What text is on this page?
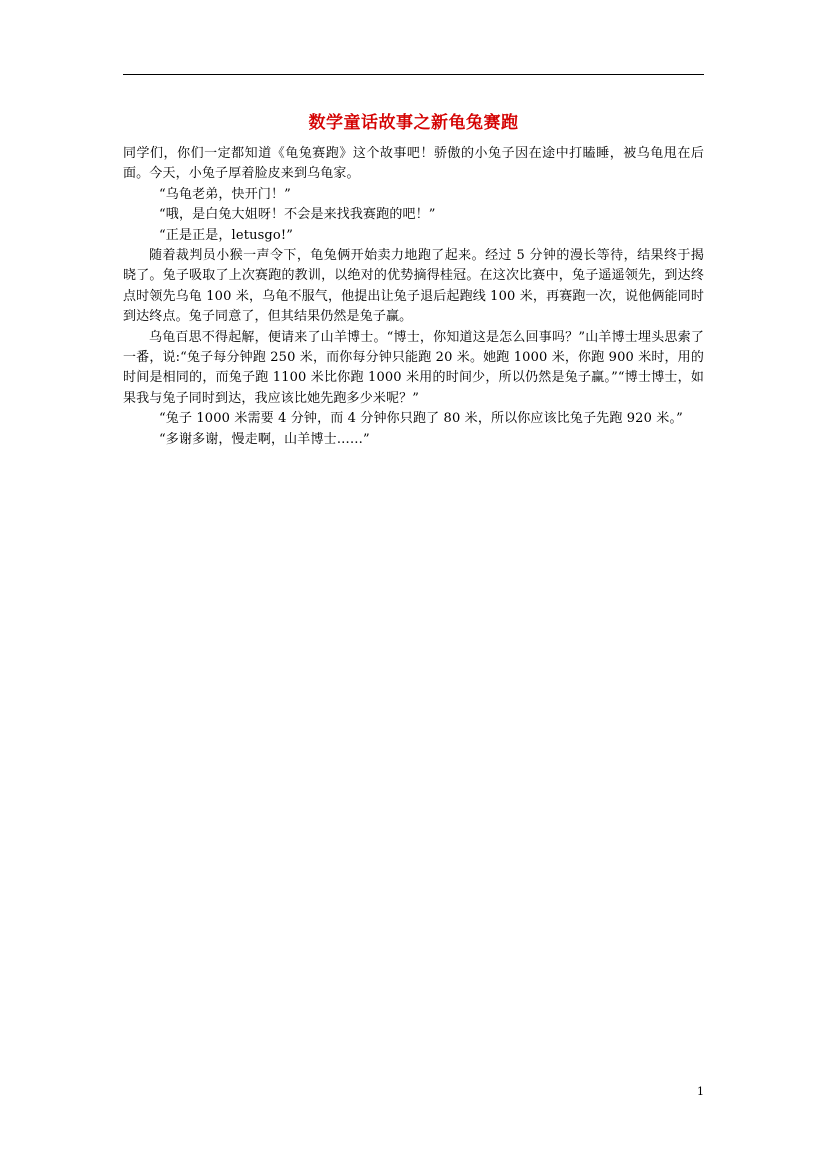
数学童话故事之新龟兔赛跑

同学们，你们一定都知道《龟兔赛跑》这个故事吧！骄傲的小兔子因在途中打瞌睡，被乌龟甩在后面。今天，小兔子厚着脸皮来到乌龟家。

“乌龟老弟，快开门！”

“哦，是白兔大姐呀！不会是来找我赛跑的吧！”

“正是正是，letusgo!”

随着裁判员小猴一声令下，龟兔俩开始卖力地跑了起来。经过 5 分钟的漫长等待，结果终于揭晓了。兔子吸取了上次赛跑的教训，以绝对的优势摘得桂冠。在这次比赛中，兔子遥遥领先，到达终点时领先乌龟 100 米，乌龟不服气，他提出让兔子退后起跑线 100 米，再赛跑一次，说他俩能同时到达终点。兔子同意了，但其结果仍然是兔子赢。

乌龟百思不得起解，便请来了山羊博士。“博士，你知道这是怎么回事吗？”山羊博士埋头思索了一番，说:“兔子每分钟跑 250 米，而你每分钟只能跑 20 米。她跑 1000 米，你跑 900 米时，用的时间是相同的，而兔子跑 1100 米比你跑 1000 米用的时间少，所以仍然是兔子赢。”“博士博士，如果我与兔子同时到达，我应该比她先跑多少米呢？”

“兔子 1000 米需要 4 分钟，而 4 分钟你只跑了 80 米，所以你应该比兔子先跑 920 米。”

“多谢多谢，慢走啊，山羊博士……”

1
